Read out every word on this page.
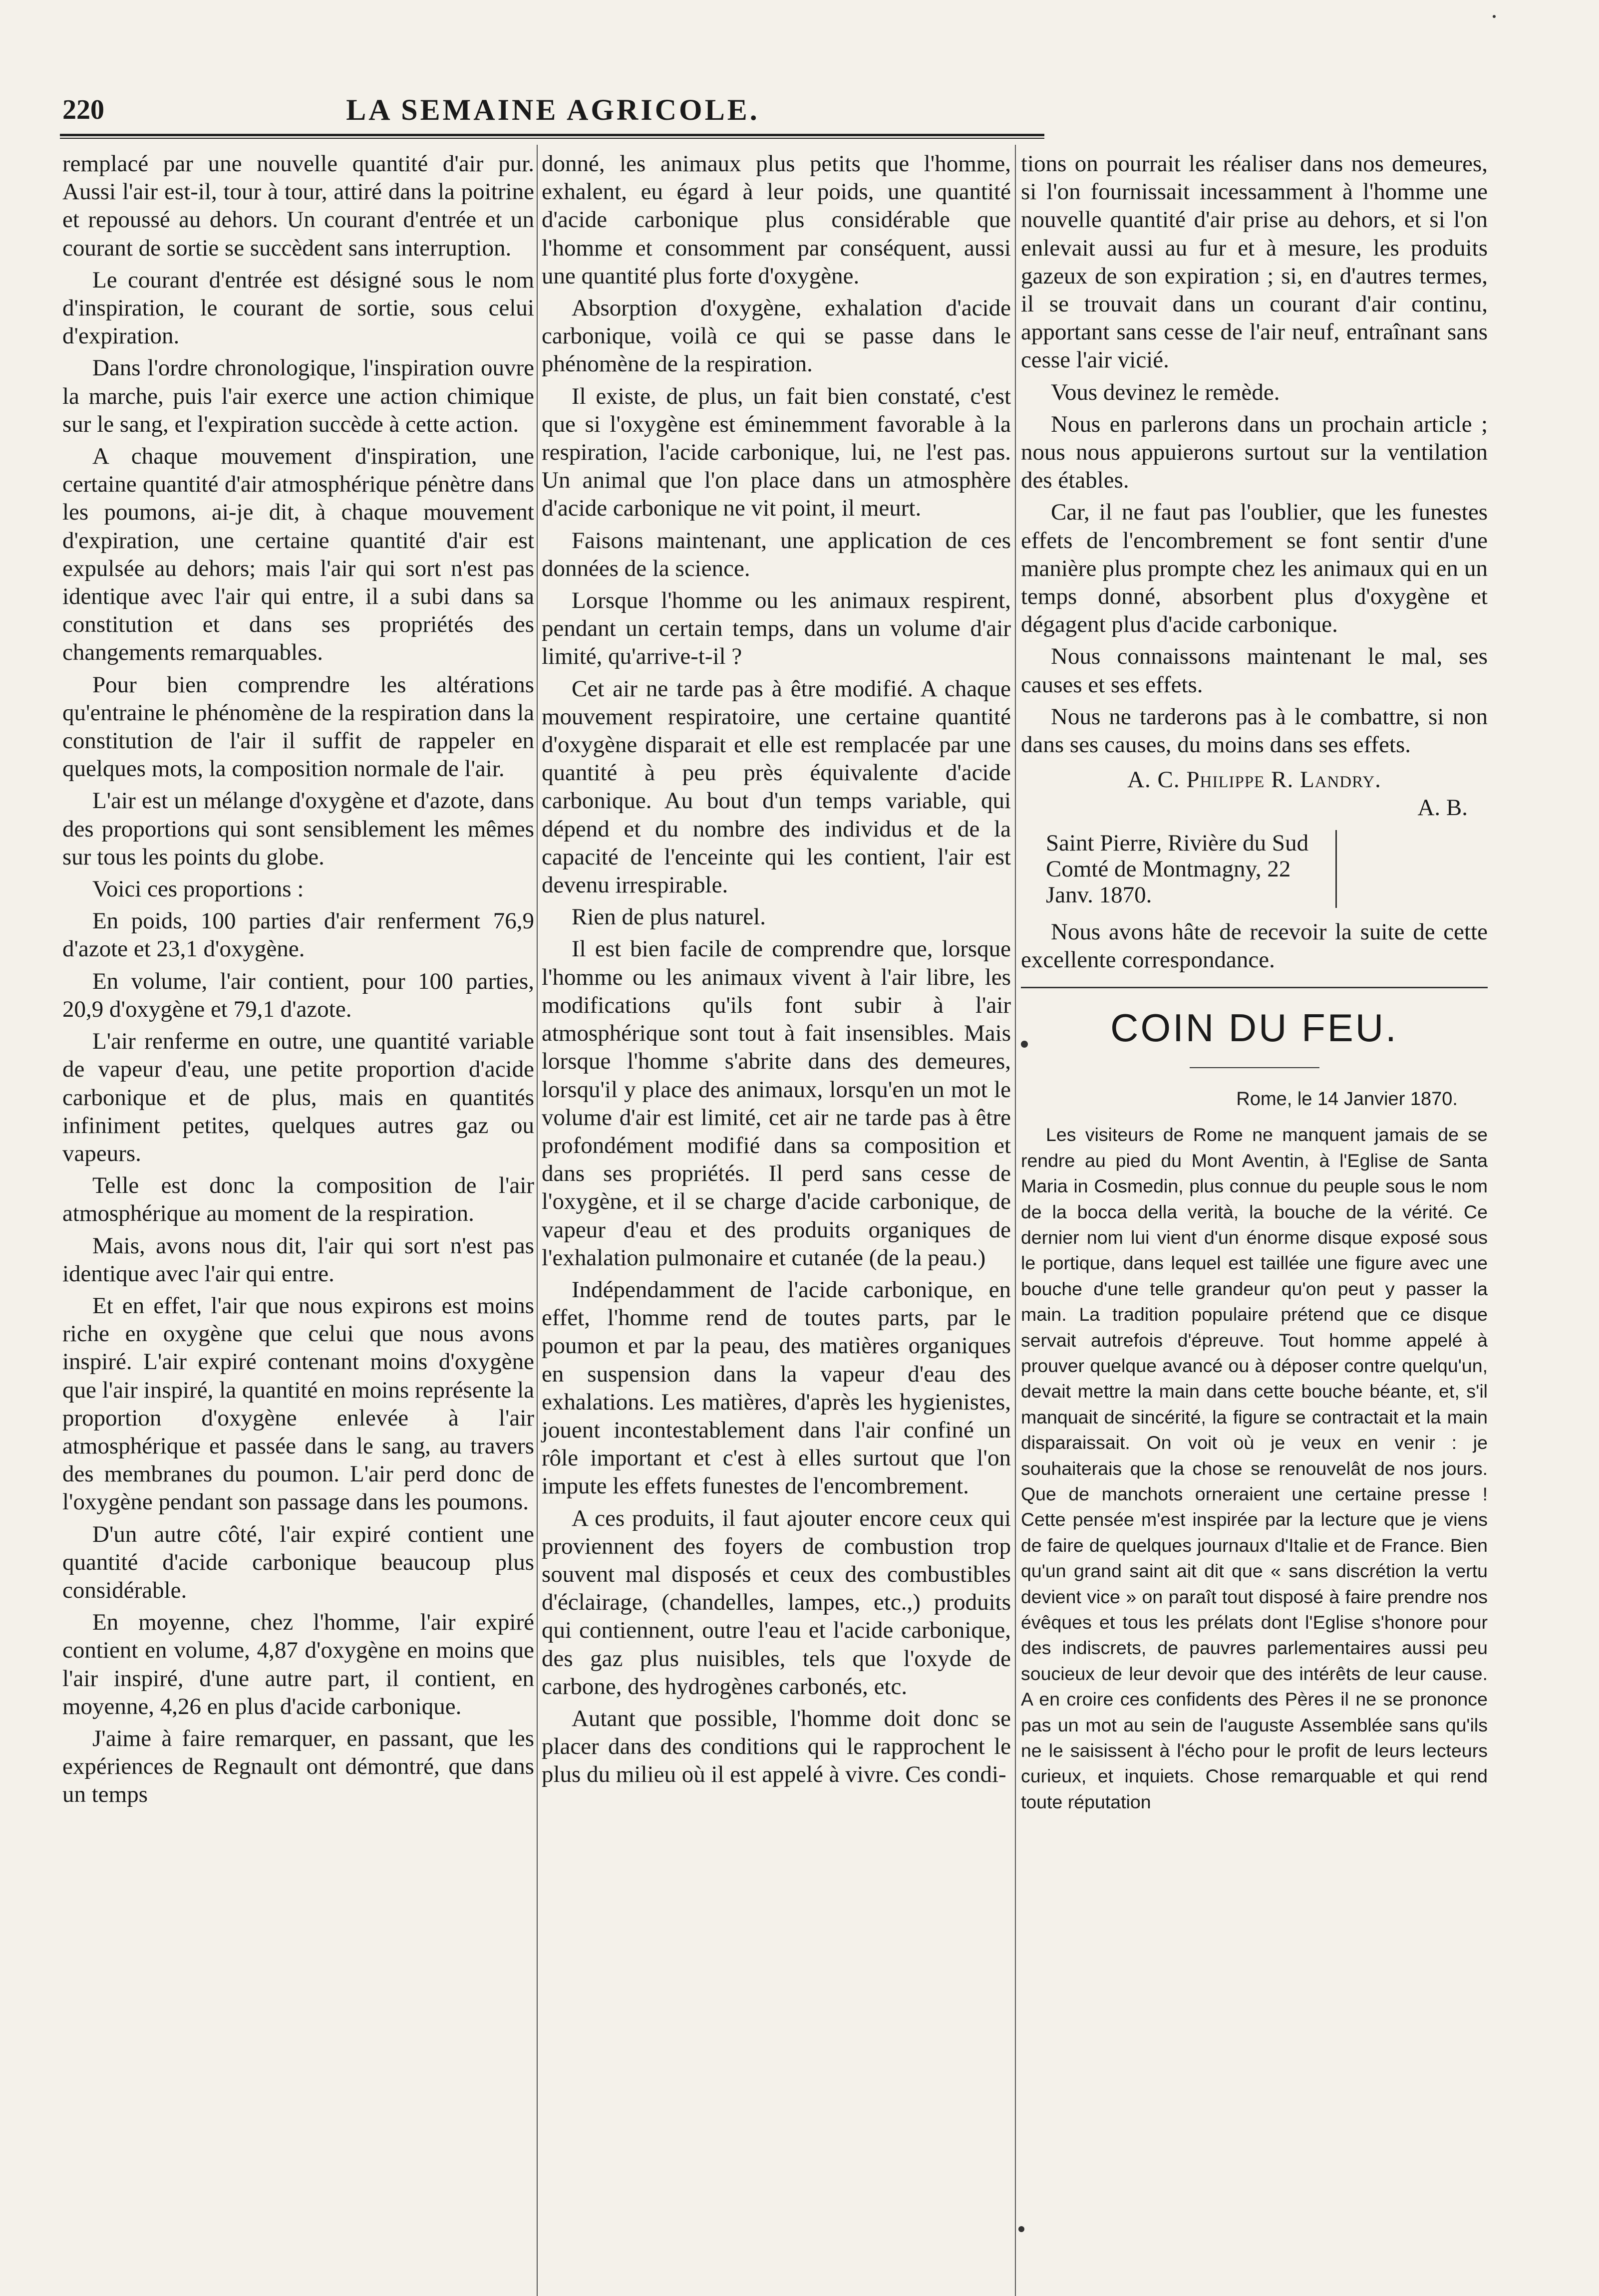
220	LA SEMAINE AGRICOLE.

remplacé par une nouvelle quantité d'air pur. Aussi l'air est-il, tour à tour, attiré dans la poitrine et repoussé au dehors. Un courant d'entrée et un courant de sortie se succèdent sans interruption.

Le courant d'entrée est désigné sous le nom d'inspiration, le courant de sortie, sous celui d'expiration.

Dans l'ordre chronologique, l'inspiration ouvre la marche, puis l'air exerce une action chimique sur le sang, et l'expiration succède à cette action.

A chaque mouvement d'inspiration, une certaine quantité d'air atmosphérique pénètre dans les poumons, ai-je dit, à chaque mouvement d'expiration, une certaine quantité d'air est expulsée au dehors; mais l'air qui sort n'est pas identique avec l'air qui entre, il a subi dans sa constitution et dans ses propriétés des changements remarquables.

Pour bien comprendre les altérations qu'entraine le phénomène de la respiration dans la constitution de l'air il suffit de rappeler en quelques mots, la composition normale de l'air.

L'air est un mélange d'oxygène et d'azote, dans des proportions qui sont sensiblement les mêmes sur tous les points du globe.

Voici ces proportions :

En poids, 100 parties d'air renferment 76,9 d'azote et 23,1 d'oxygène.

En volume, l'air contient, pour 100 parties, 20,9 d'oxygène et 79,1 d'azote.

L'air renferme en outre, une quantité variable de vapeur d'eau, une petite proportion d'acide carbonique et de plus, mais en quantités infiniment petites, quelques autres gaz ou vapeurs.

Telle est donc la composition de l'air atmosphérique au moment de la respiration.

Mais, avons nous dit, l'air qui sort n'est pas identique avec l'air qui entre.

Et en effet, l'air que nous expirons est moins riche en oxygène que celui que nous avons inspiré. L'air expiré contenant moins d'oxygène que l'air inspiré, la quantité en moins représente la proportion d'oxygène enlevée à l'air atmosphérique et passée dans le sang, au travers des membranes du poumon. L'air perd donc de l'oxygène pendant son passage dans les poumons.

D'un autre côté, l'air expiré contient une quantité d'acide carbonique beaucoup plus considérable.

En moyenne, chez l'homme, l'air expiré contient en volume, 4,87 d'oxygène en moins que l'air inspiré, d'une autre part, il contient, en moyenne, 4,26 en plus d'acide carbonique.

J'aime à faire remarquer, en passant, que les expériences de Regnault ont démontré, que dans un temps

donné, les animaux plus petits que l'homme, exhalent, eu égard à leur poids, une quantité d'acide carbonique plus considérable que l'homme et consomment par conséquent, aussi une quantité plus forte d'oxygène.

Absorption d'oxygène, exhalation d'acide carbonique, voilà ce qui se passe dans le phénomène de la respiration.

Il existe, de plus, un fait bien constaté, c'est que si l'oxygène est éminemment favorable à la respiration, l'acide carbonique, lui, ne l'est pas. Un animal que l'on place dans un atmosphère d'acide carbonique ne vit point, il meurt.

Faisons maintenant, une application de ces données de la science.

Lorsque l'homme ou les animaux respirent, pendant un certain temps, dans un volume d'air limité, qu'arrive-t-il ?

Cet air ne tarde pas à être modifié. A chaque mouvement respiratoire, une certaine quantité d'oxygène disparait et elle est remplacée par une quantité à peu près équivalente d'acide carbonique. Au bout d'un temps variable, qui dépend et du nombre des individus et de la capacité de l'enceinte qui les contient, l'air est devenu irrespirable.

Rien de plus naturel.

Il est bien facile de comprendre que, lorsque l'homme ou les animaux vivent à l'air libre, les modifications qu'ils font subir à l'air atmosphérique sont tout à fait insensibles. Mais lorsque l'homme s'abrite dans des demeures, lorsqu'il y place des animaux, lorsqu'en un mot le volume d'air est limité, cet air ne tarde pas à être profondément modifié dans sa composition et dans ses propriétés. Il perd sans cesse de l'oxygène, et il se charge d'acide carbonique, de vapeur d'eau et des produits organiques de l'exhalation pulmonaire et cutanée (de la peau.)

Indépendamment de l'acide carbonique, en effet, l'homme rend de toutes parts, par le poumon et par la peau, des matières organiques en suspension dans la vapeur d'eau des exhalations. Les matières, d'après les hygienistes, jouent incontestablement dans l'air confiné un rôle important et c'est à elles surtout que l'on impute les effets funestes de l'encombrement.

A ces produits, il faut ajouter encore ceux qui proviennent des foyers de combustion trop souvent mal disposés et ceux des combustibles d'éclairage, (chandelles, lampes, etc.,) produits qui contiennent, outre l'eau et l'acide carbonique, des gaz plus nuisibles, tels que l'oxyde de carbone, des hydrogènes carbonés, etc.

Autant que possible, l'homme doit donc se placer dans des conditions qui le rapprochent le plus du milieu où il est appelé à vivre. Ces condi-

tions on pourrait les réaliser dans nos demeures, si l'on fournissait incessamment à l'homme une nouvelle quantité d'air prise au dehors, et si l'on enlevait aussi au fur et à mesure, les produits gazeux de son expiration ; si, en d'autres termes, il se trouvait dans un courant d'air continu, apportant sans cesse de l'air neuf, entraînant sans cesse l'air vicié.

Vous devinez le remède.

Nous en parlerons dans un prochain article ; nous nous appuierons surtout sur la ventilation des étables.

Car, il ne faut pas l'oublier, que les funestes effets de l'encombrement se font sentir d'une manière plus prompte chez les animaux qui en un temps donné, absorbent plus d'oxygène et dégagent plus d'acide carbonique.

Nous connaissons maintenant le mal, ses causes et ses effets.

Nous ne tarderons pas à le combattre, si non dans ses causes, du moins dans ses effets.

A. C. Philippe R. Landry.

A. B.

Saint Pierre, Rivière du Sud Comté de Montmagny, 22 Janv. 1870.

Nous avons hâte de recevoir la suite de cette excellente correspondance.

COIN DU FEU.

Rome, le 14 Janvier 1870.

Les visiteurs de Rome ne manquent jamais de se rendre au pied du Mont Aventin, à l'Eglise de Santa Maria in Cosmedin, plus connue du peuple sous le nom de la bocca della verità, la bouche de la vérité. Ce dernier nom lui vient d'un énorme disque exposé sous le portique, dans lequel est taillée une figure avec une bouche d'une telle grandeur qu'on peut y passer la main. La tradition populaire prétend que ce disque servait autrefois d'épreuve. Tout homme appelé à prouver quelque avancé ou à déposer contre quelqu'un, devait mettre la main dans cette bouche béante, et, s'il manquait de sincérité, la figure se contractait et la main disparaissait. On voit où je veux en venir : je souhaiterais que la chose se renouvelât de nos jours. Que de manchots orneraient une certaine presse ! Cette pensée m'est inspirée par la lecture que je viens de faire de quelques journaux d'Italie et de France. Bien qu'un grand saint ait dit que « sans discrétion la vertu devient vice » on paraît tout disposé à faire prendre nos évêques et tous les prélats dont l'Eglise s'honore pour des indiscrets, de pauvres parlementaires aussi peu soucieux de leur devoir que des intérêts de leur cause. A en croire ces confidents des Pères il ne se prononce pas un mot au sein de l'auguste Assemblée sans qu'ils ne le saisissent à l'écho pour le profit de leurs lecteurs curieux, et inquiets. Chose remarquable et qui rend toute réputation
